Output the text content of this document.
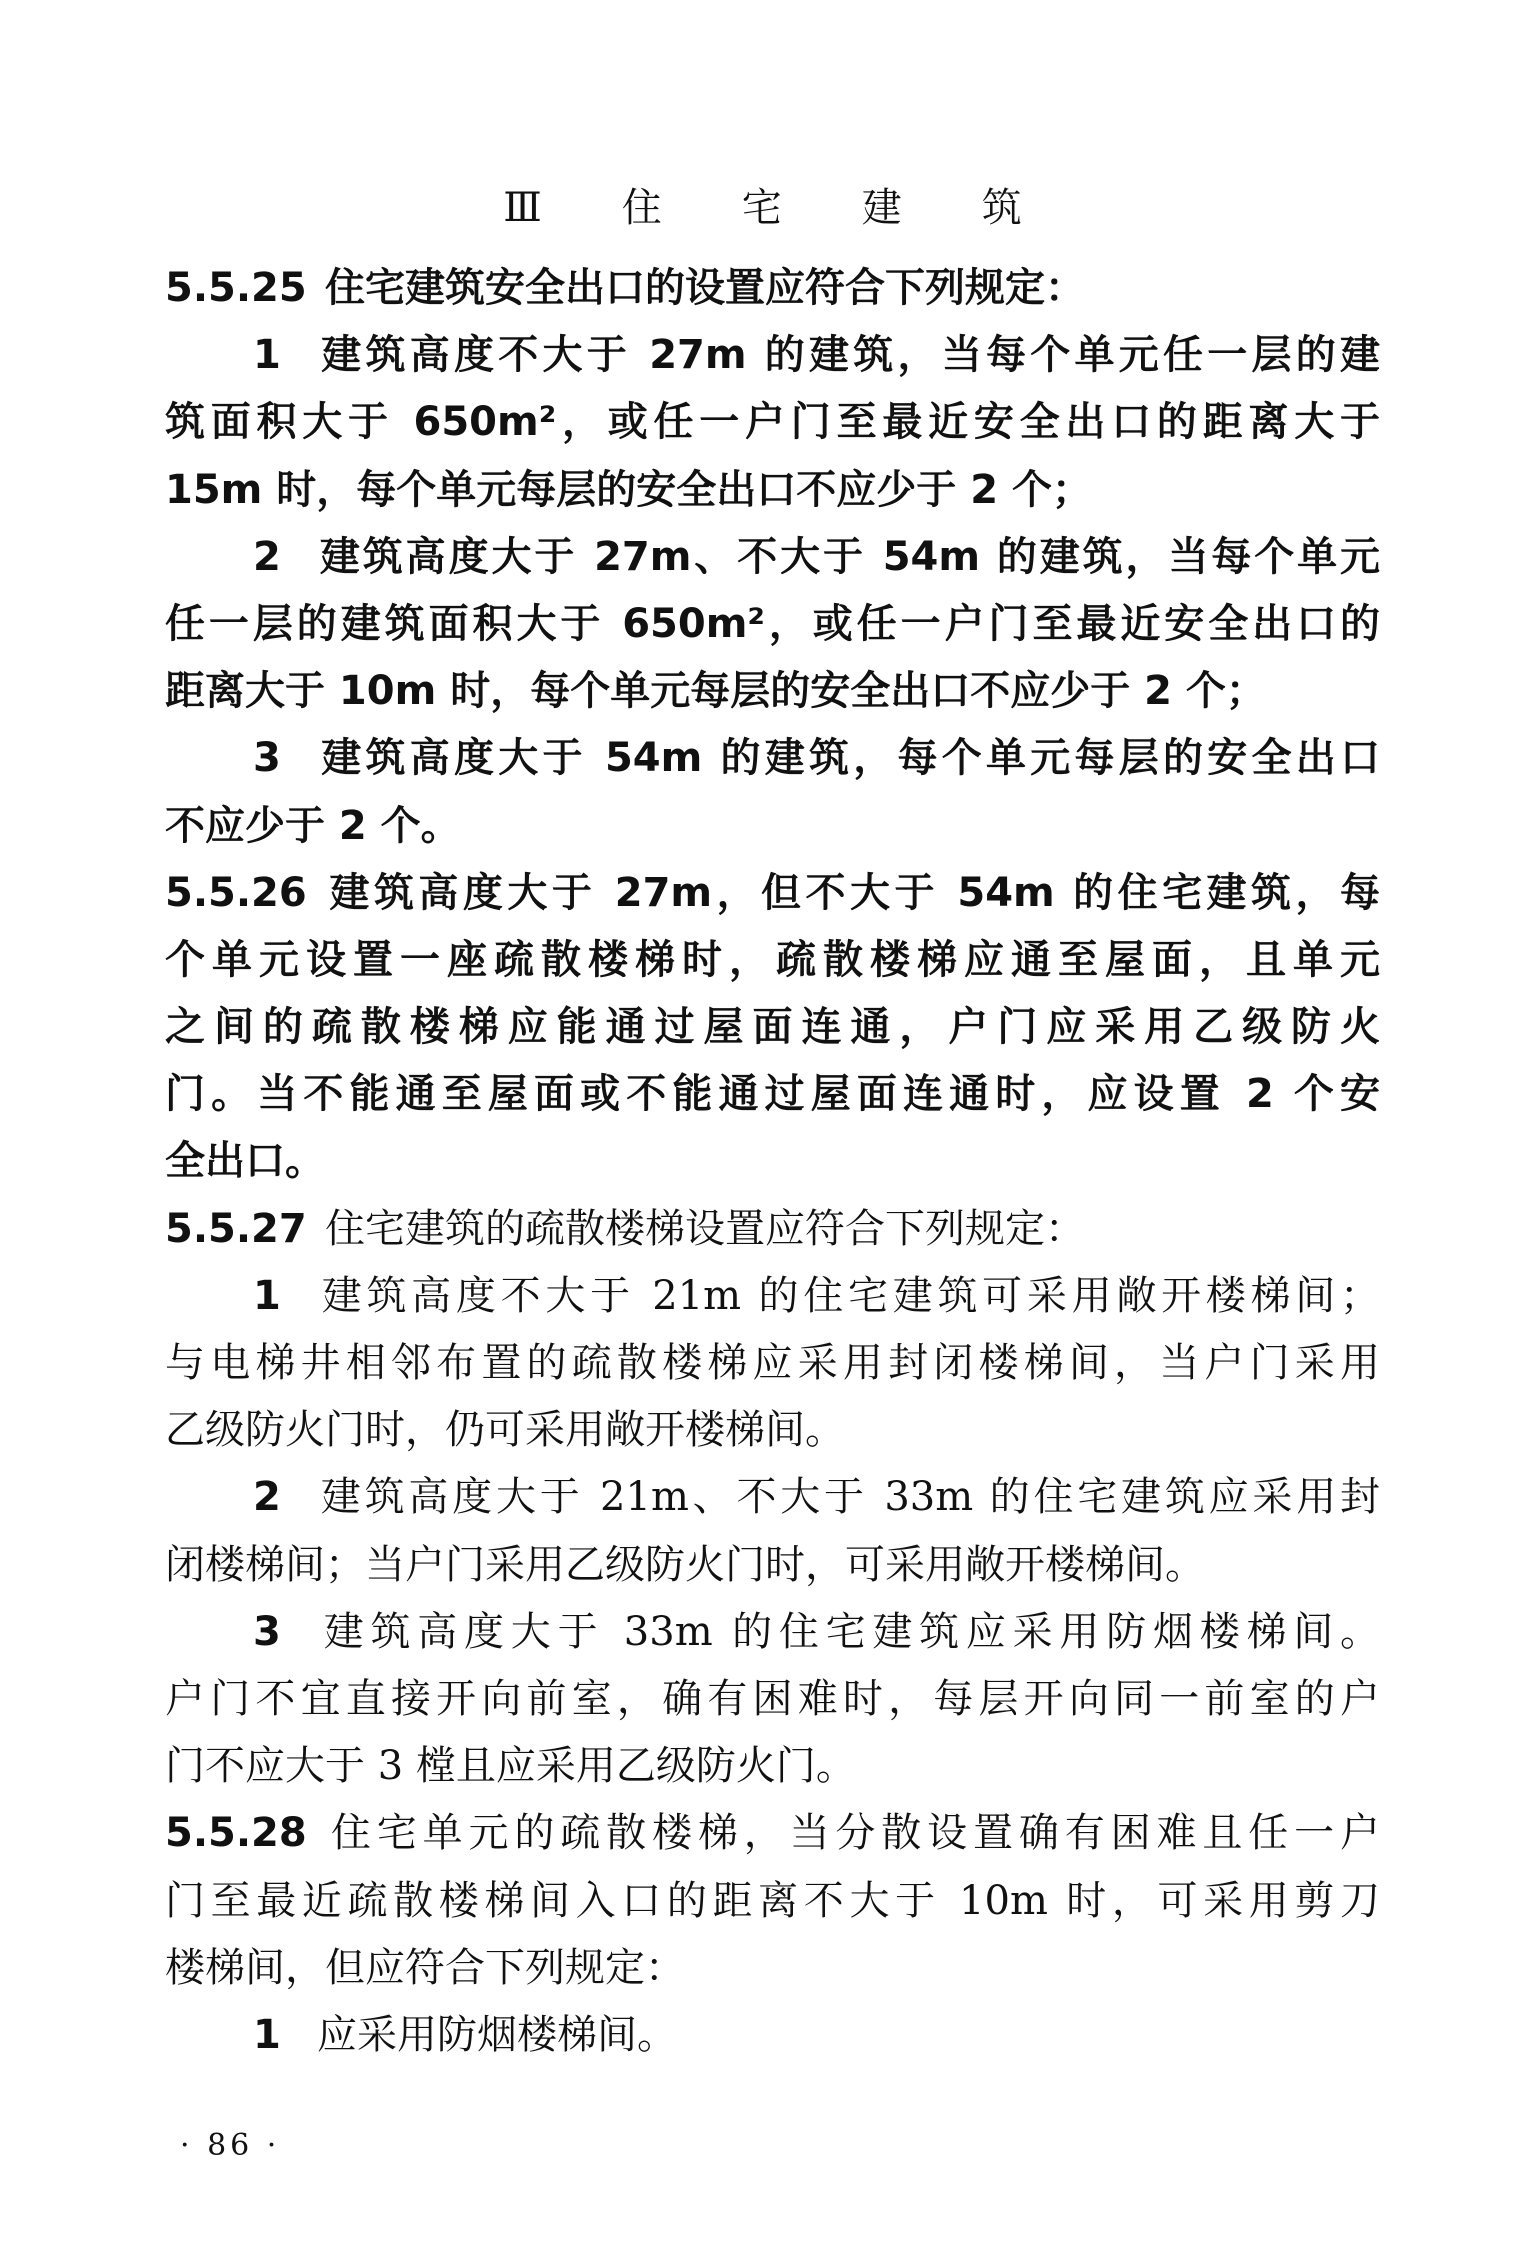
Ⅲ　住　宅　建　筑
5.5.25 住宅建筑安全出口的设置应符合下列规定：
1 建筑高度不大于 27m 的建筑，当每个单元任一层的建
筑面积大于 650m²，或任一户门至最近安全出口的距离大于
15m 时，每个单元每层的安全出口不应少于 2 个；
2 建筑高度大于 27m、不大于 54m 的建筑，当每个单元
任一层的建筑面积大于 650m²，或任一户门至最近安全出口的
距离大于 10m 时，每个单元每层的安全出口不应少于 2 个；
3 建筑高度大于 54m 的建筑，每个单元每层的安全出口
不应少于 2 个。
5.5.26 建筑高度大于 27m，但不大于 54m 的住宅建筑，每
个单元设置一座疏散楼梯时，疏散楼梯应通至屋面，且单元
之间的疏散楼梯应能通过屋面连通，户门应采用乙级防火
门。当不能通至屋面或不能通过屋面连通时，应设置 2 个安
全出口。
5.5.27 住宅建筑的疏散楼梯设置应符合下列规定：
1 建筑高度不大于 21m 的住宅建筑可采用敞开楼梯间；
与电梯井相邻布置的疏散楼梯应采用封闭楼梯间，当户门采用
乙级防火门时，仍可采用敞开楼梯间。
2 建筑高度大于 21m、不大于 33m 的住宅建筑应采用封
闭楼梯间；当户门采用乙级防火门时，可采用敞开楼梯间。
3 建筑高度大于 33m 的住宅建筑应采用防烟楼梯间。
户门不宜直接开向前室，确有困难时，每层开向同一前室的户
门不应大于 3 樘且应采用乙级防火门。
5.5.28 住宅单元的疏散楼梯，当分散设置确有困难且任一户
门至最近疏散楼梯间入口的距离不大于 10m 时，可采用剪刀
楼梯间，但应符合下列规定：
1 应采用防烟楼梯间。
· 86 ·
